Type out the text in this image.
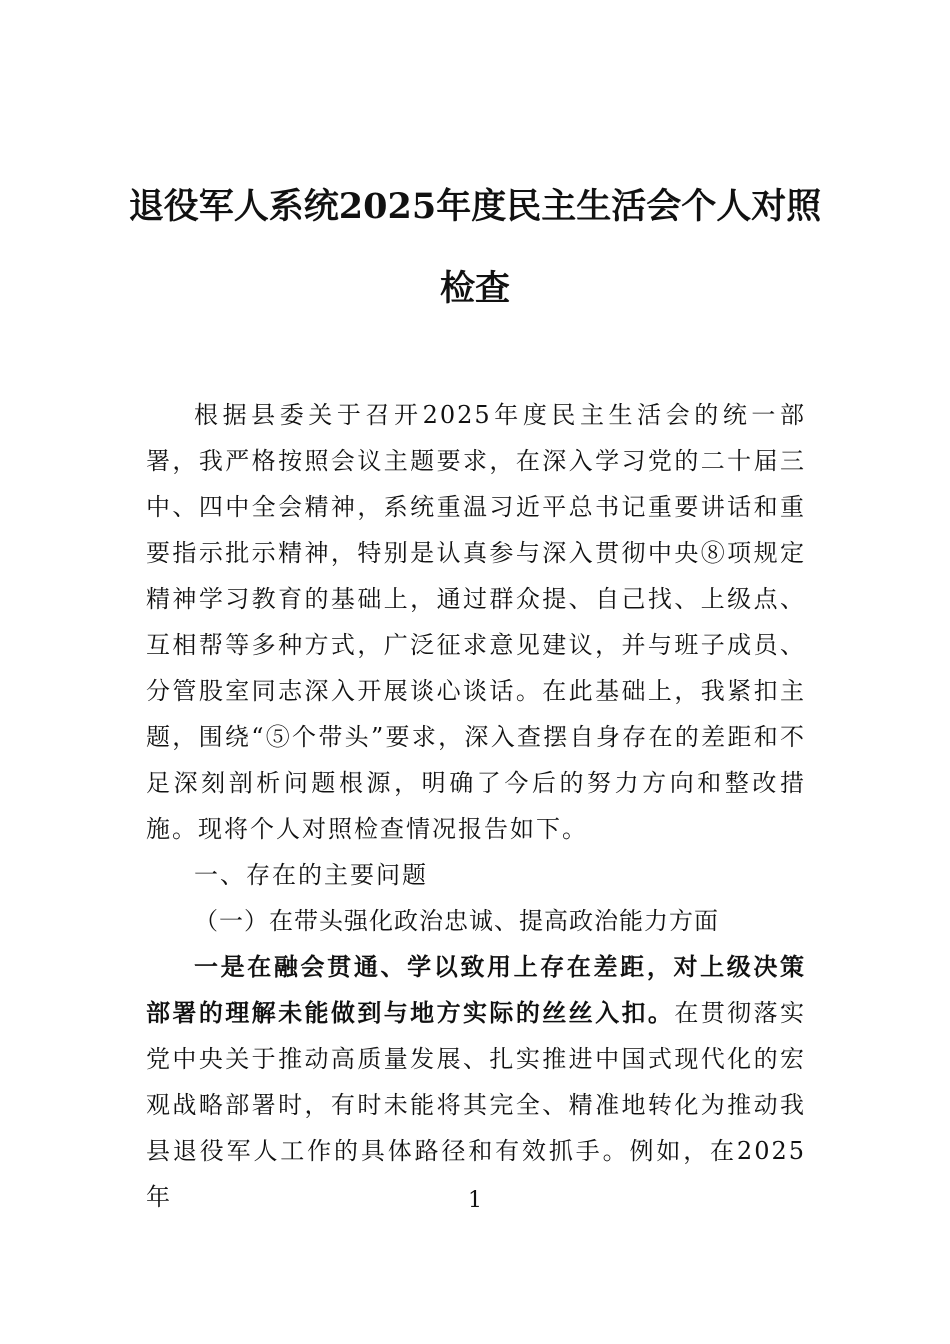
退役军人系统2025年度民主生活会个人对照检查

根据县委关于召开2025年度民主生活会的统一部署，我严格按照会议主题要求，在深入学习党的二十届三中、四中全会精神，系统重温习近平总书记重要讲话和重要指示批示精神，特别是认真参与深入贯彻中央⑧项规定精神学习教育的基础上，通过群众提、自己找、上级点、互相帮等多种方式，广泛征求意见建议，并与班子成员、分管股室同志深入开展谈心谈话。在此基础上，我紧扣主题，围绕“⑤个带头”要求，深入查摆自身存在的差距和不足深刻剖析问题根源，明确了今后的努力方向和整改措施。现将个人对照检查情况报告如下。

一、存在的主要问题

（一）在带头强化政治忠诚、提高政治能力方面

一是在融会贯通、学以致用上存在差距，对上级决策部署的理解未能做到与地方实际的丝丝入扣。在贯彻落实党中央关于推动高质量发展、扎实推进中国式现代化的宏观战略部署时，有时未能将其完全、精准地转化为推动我县退役军人工作的具体路径和有效抓手。例如，在2025年	1
